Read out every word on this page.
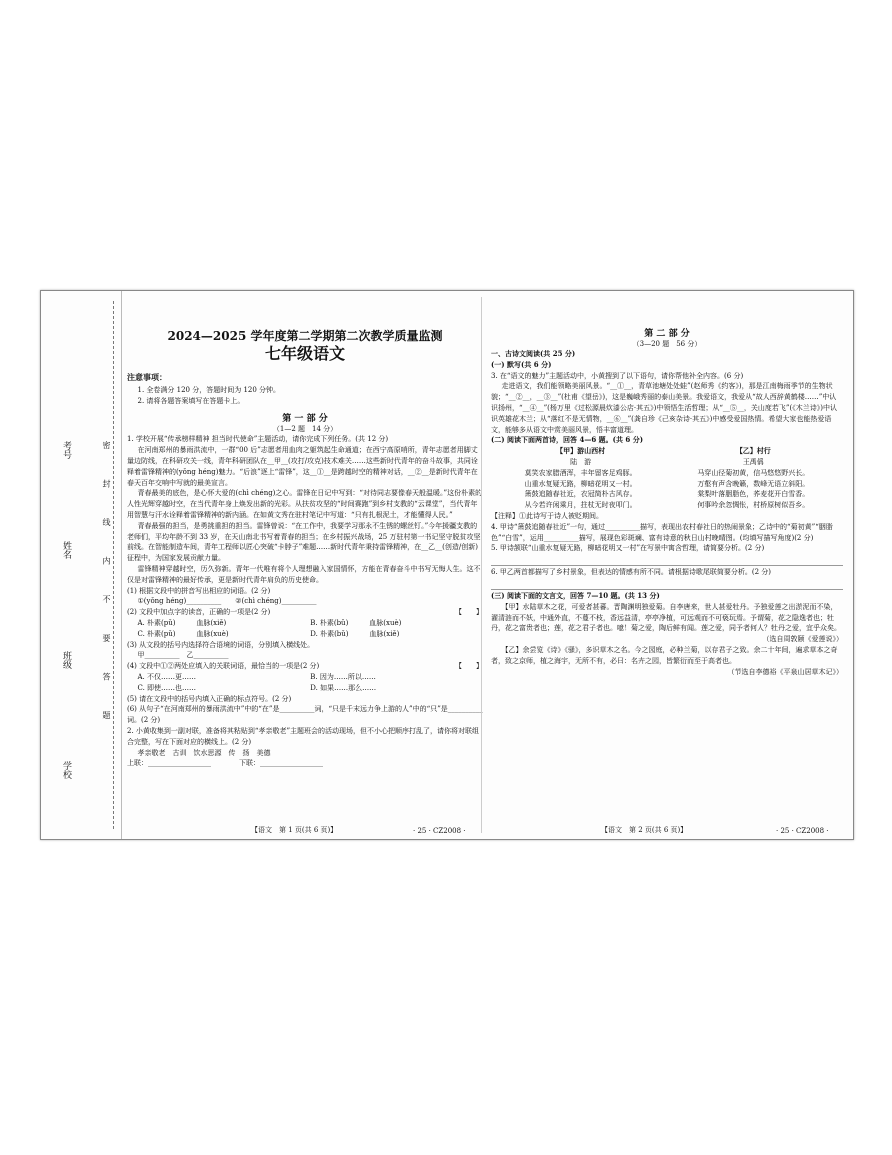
考号
姓名
班级
学校
密 封 线 内 不 要 答 题
2024—2025 学年度第二学期第二次教学质量监测
七年级语文
注意事项：

1. 全卷满分 120 分，答题时间为 120 分钟。

2. 请将各题答案填写在答题卡上。

第 一 部 分
（1—2 题　14 分）

1. 学校开展“传承榜样精神 担当时代使命”主题活动，请你完成下列任务。(共 12 分)

在河南郑州的暴雨洪流中，一群“00 后”志愿者用血肉之躯筑起生命通道；在西宁高原哨所，青年志愿者用脚丈量边防线，在科研攻关一线，青年科研团队在__甲__(攻打/攻克)技术难关……这些新时代青年的奋斗故事，共同诠释着雷锋精神的(yǒng héng)魅力。“后浪”逐上“雷锋”，这__①__是跨越时空的精神对话，__②__是新时代青年在春天百年交响中写就的最美宣言。

青春最美的底色，是心怀大爱的(chì chéng)之心。雷锋在日记中写到：“对待同志要像春天般温暖。”这份朴素的人性光辉穿越时空，在当代青年身上焕发出新的光彩。从扶贫攻坚的“时间赛跑”到乡村支教的“云课堂”，当代青年用智慧与汗水诠释着雷锋精神的新内涵。在如黄文秀在驻村笔记中写道：“只有扎根泥土，才能懂得人民。”

青春最强的担当，是勇挑重担的担当。雷锋曾说：“在工作中，我要学习那永不生锈的螺丝钉。”今年援疆支教的老师们，平均年龄不到 33 岁，在天山南北书写着青春的担当；在乡村振兴战场，25 万驻村第一书记坚守脱贫攻坚前线。在智能制造车间，青年工程师以匠心突破“卡脖子”难题……新时代青年秉持雷锋精神，在__乙__(创造/创新)征程中，为国家发展贡献力量。

雷锋精神穿越时空，历久弥新。青年一代唯有将个人理想融入家国情怀，方能在青春奋斗中书写无悔人生。这不仅是对雷锋精神的最好传承，更是新时代青年肩负的历史使命。

(1) 根据文段中的拼音写出相应的词语。(2 分)

①(yǒng héng)__________　　②(chì chéng)__________

(2) 文段中加点字的读音，正确的一项是(2 分)	【　　】

A. 朴素(pǔ)　　　血脉(xiě)	B. 朴素(bǔ)　　　血脉(xuè)
C. 朴素(pǔ)　　　血脉(xuè)	D. 朴素(bǔ)　　　血脉(xiě)

(3) 从文段的括号内选择符合语境的词语，分别填入横线处。

甲__________　乙__________

(4) 文段中①②两处应填入的关联词语，最恰当的一项是(2 分)	【　　】

A. 不仅……更……	B. 因为……所以……
C. 即使……也……	D. 如果……那么……

(5) 请在文段中的括号内填入正确的标点符号。(2 分)

(6) 从句子“在河南郑州的暴雨洪流中”中的“在”是__________词，“只是千末远力争上游的人”中的“只”是__________词。(2 分)

2. 小黄收集到一副对联，准备将其粘贴到“孝亲敬老”主题班会的活动现场，但不小心把顺序打乱了，请你将对联组合完整，写在下面对应的横线上。(2 分)

孝亲敬老　古训　饮水思源　传　扬　美德

上联：__________________　　　　下联：__________________

第 二 部 分
（3—20 题　56 分）

一、古诗文阅读(共 25 分)

(一) 默写(共 6 分)

3. 在“语文的魅力”主题活动中，小黄搜到了以下语句，请你帮他补全内容。(6 分)

走进语文，我们能领略美丽风景。“__①__，青草池塘处处蛙”(赵师秀《约客》)，那是江南梅雨季节的生物状貌；“__②__，__③__”(杜甫《望岳》)，这是巍峨秀丽的泰山美景。我爱语文，我爱从“故人西辞黄鹤楼……”中认识扬州，“__④__”(杨万里《过松源晨炊漆公店·其五》)中领悟生活哲理；从“__⑤__，关山度若飞”(《木兰诗》)中认识英雄花木兰；从“落红不是无情物，__⑥__”(龚自珍《己亥杂诗·其五》)中感受爱国热情。希望大家也能热爱语文，能够多从语文中赏美丽风景，悟丰富道理。

(二) 阅读下面两首诗，回答 4—6 题。(共 6 分)

【甲】游山西村
陆　游
莫笑农家腊酒浑，丰年留客足鸡豚。
山重水复疑无路，柳暗花明又一村。
箫鼓追随春社近，衣冠简朴古风存。
从今若许闲乘月，拄杖无时夜叩门。
【乙】村行
王禹偁
马穿山径菊初黄，信马悠悠野兴长。
万壑有声含晚籁，数峰无语立斜阳。
棠梨叶落胭脂色，荞麦花开白雪香。
何事吟余忽惆怅，村桥原树似吾乡。

【注释】①此诗写于诗人被贬期间。

4. 甲诗“箫鼓追随春社近”一句，通过__________描写，表现出农村春社日的热闹景象；乙诗中的“菊初黄”“胭脂色”“白雪”，运用__________描写，展现色彩斑斓、富有诗意的秋日山村晚晴图。(均填写描写角度)(2 分)

5. 甲诗颔联“山重水复疑无路，柳暗花明又一村”在写景中寓含哲理，请简要分析。(2 分)

6. 甲乙两首都描写了乡村景象，但表达的情感有所不同。请根据诗歌尾联简要分析。(2 分)

(三) 阅读下面的文言文，回答 7—10 题。(共 13 分)

【甲】水陆草木之花，可爱者甚蕃。晋陶渊明独爱菊。自李唐来，世人甚爱牡丹。予独爱莲之出淤泥而不染，濯清涟而不妖，中通外直，不蔓不枝，香远益清，亭亭净植，可远观而不可亵玩焉。予谓菊，花之隐逸者也；牡丹，花之富贵者也；莲，花之君子者也。噫！菊之爱，陶后鲜有闻。莲之爱，同予者何人？牡丹之爱，宜乎众矣。

（选自周敦颐《爱莲说》）

【乙】余尝览《诗》《骚》，多识草木之名。今之园庭，必种兰菊，以存君子之致。余二十年间，遍求草本之奇者，致之京师，植之海宇，无所不有，必曰：名卉之园，皆繁衍而至于高者也。

（节选自李德裕《平泉山居草木记》）

【语文　第 1 页(共 6 页)】	· 25 · CZ2008 ·	【语文　第 2 页(共 6 页)】	· 25 · CZ2008 ·
